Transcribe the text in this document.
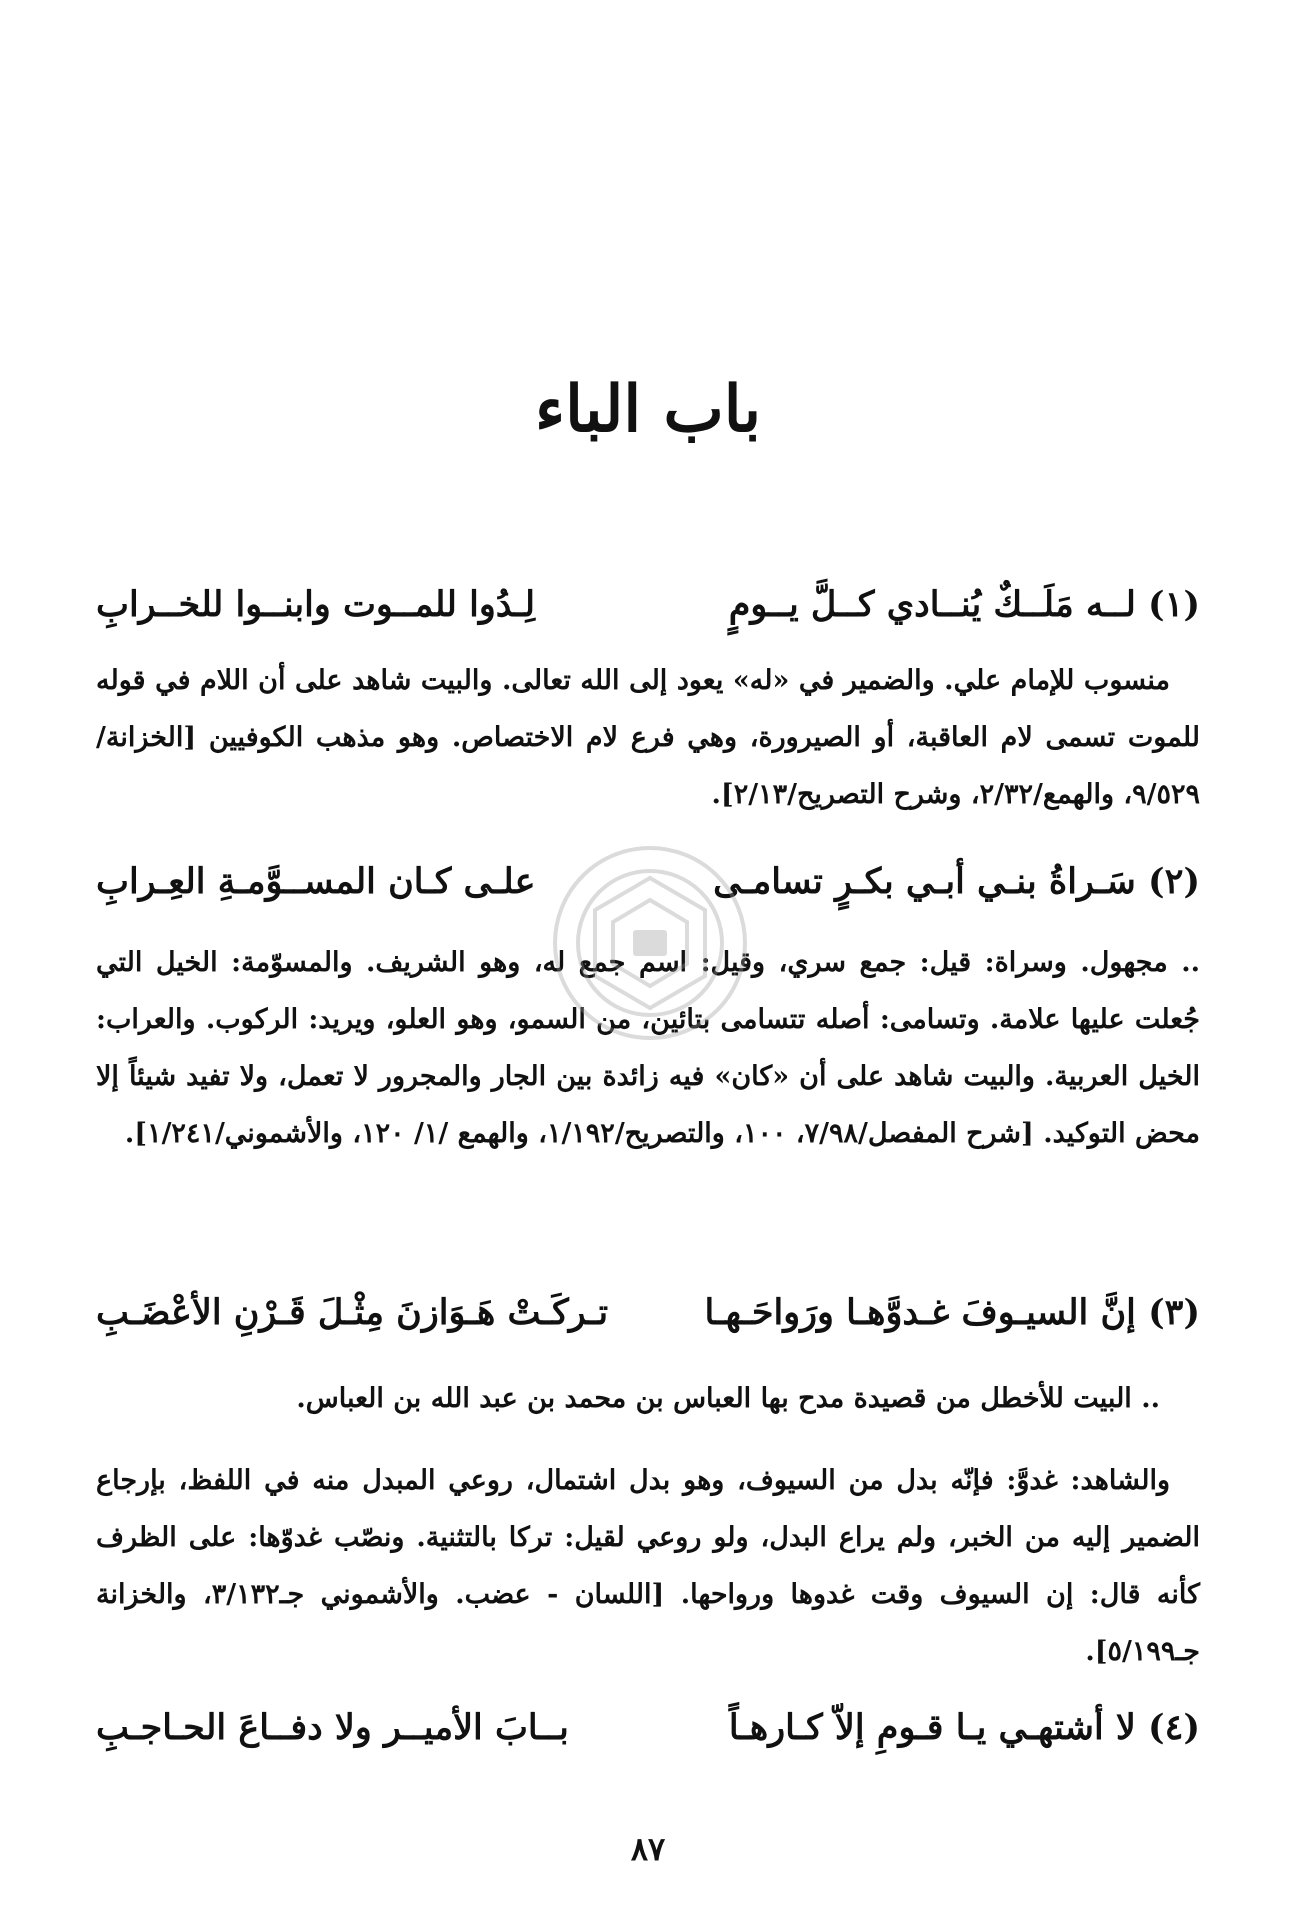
باب الباء
(١) لــه مَلَــكٌ يُنــادي كــلَّ يــومٍ
لِـدُوا للمــوت وابنــوا للخــرابِ

منسوب للإمام علي. والضمير في «له» يعود إلى الله تعالى. والبيت شاهد على أن اللام في قوله للموت تسمى لام العاقبة، أو الصيرورة، وهي فرع لام الاختصاص. وهو مذهب الكوفيين [الخزانة/٩/٥٢٩، والهمع/٢/٣٢، وشرح التصريح/٢/١٣].

(٢) سَـراةُ بنـي أبـي بكـرٍ تسامـى
علـى كـان المســوَّمـةِ العِـرابِ

.. مجهول. وسراة: قيل: جمع سري، وقيل: اسم جمع له، وهو الشريف. والمسوّمة: الخيل التي جُعلت عليها علامة. وتسامى: أصله تتسامى بتائين، من السمو، وهو العلو، ويريد: الركوب. والعراب: الخيل العربية. والبيت شاهد على أن «كان» فيه زائدة بين الجار والمجرور لا تعمل، ولا تفيد شيئاً إلا محض التوكيد. [شرح المفصل/٧/٩٨، ١٠٠، والتصريح/١/١٩٢، والهمع /١/ ١٢٠، والأشموني/١/٢٤١].

(٣) إنَّ السيـوفَ غـدوَّهـا ورَواحَـهـا
تـركَـتْ هَـوَازنَ مِثْـلَ قَـرْنِ الأعْضَـبِ

.. البيت للأخطل من قصيدة مدح بها العباس بن محمد بن عبد الله بن العباس.

والشاهد: غدوَّ: فإنّه بدل من السيوف، وهو بدل اشتمال، روعي المبدل منه في اللفظ، بإرجاع الضمير إليه من الخبر، ولم يراع البدل، ولو روعي لقيل: تركا بالتثنية. ونصّب غدوّها: على الظرف كأنه قال: إن السيوف وقت غدوها ورواحها. [اللسان - عضب. والأشموني جـ٣/١٣٢، والخزانة جـ٥/١٩٩].

(٤) لا أشتهـي يـا قـومِ إلاّ كـارهـاً
بــابَ الأميــر ولا دفــاعَ الحـاجـبِ
٨٧
